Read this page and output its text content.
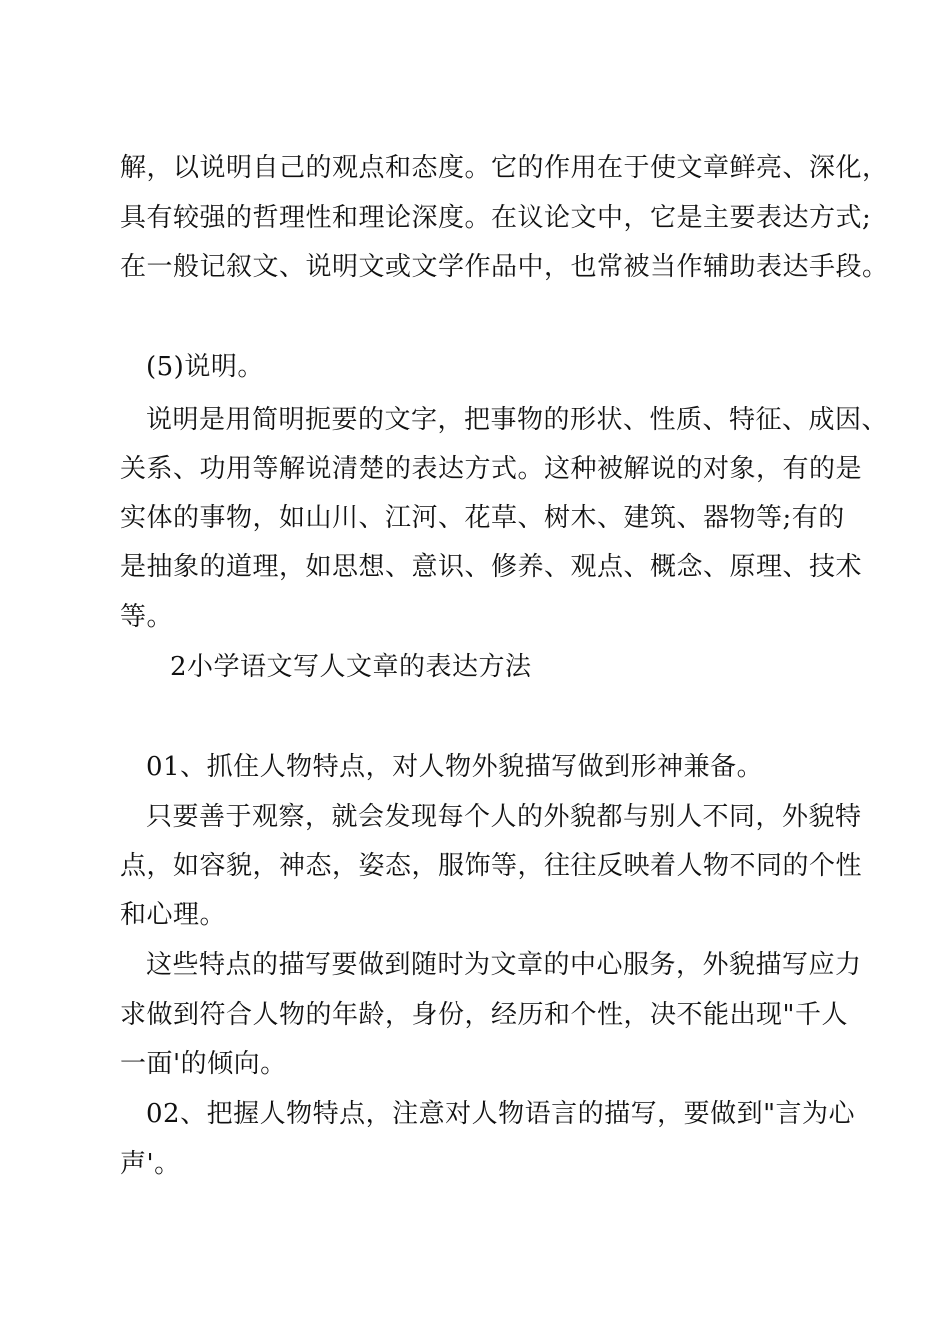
解，以说明自己的观点和态度。它的作用在于使文章鲜亮、深化，
具有较强的哲理性和理论深度。在议论文中，它是主要表达方式;
在一般记叙文、说明文或文学作品中，也常被当作辅助表达手段。
(5)说明。
说明是用简明扼要的文字，把事物的形状、性质、特征、成因、
关系、功用等解说清楚的表达方式。这种被解说的对象，有的是
实体的事物，如山川、江河、花草、树木、建筑、器物等;有的
是抽象的道理，如思想、意识、修养、观点、概念、原理、技术
等。
2小学语文写人文章的表达方法
01、抓住人物特点，对人物外貌描写做到形神兼备。
只要善于观察，就会发现每个人的外貌都与别人不同，外貌特
点，如容貌，神态，姿态，服饰等，往往反映着人物不同的个性
和心理。
这些特点的描写要做到随时为文章的中心服务，外貌描写应力
求做到符合人物的年龄，身份，经历和个性，决不能出现"千人
一面'的倾向。
02、把握人物特点，注意对人物语言的描写，要做到"言为心
声'。
